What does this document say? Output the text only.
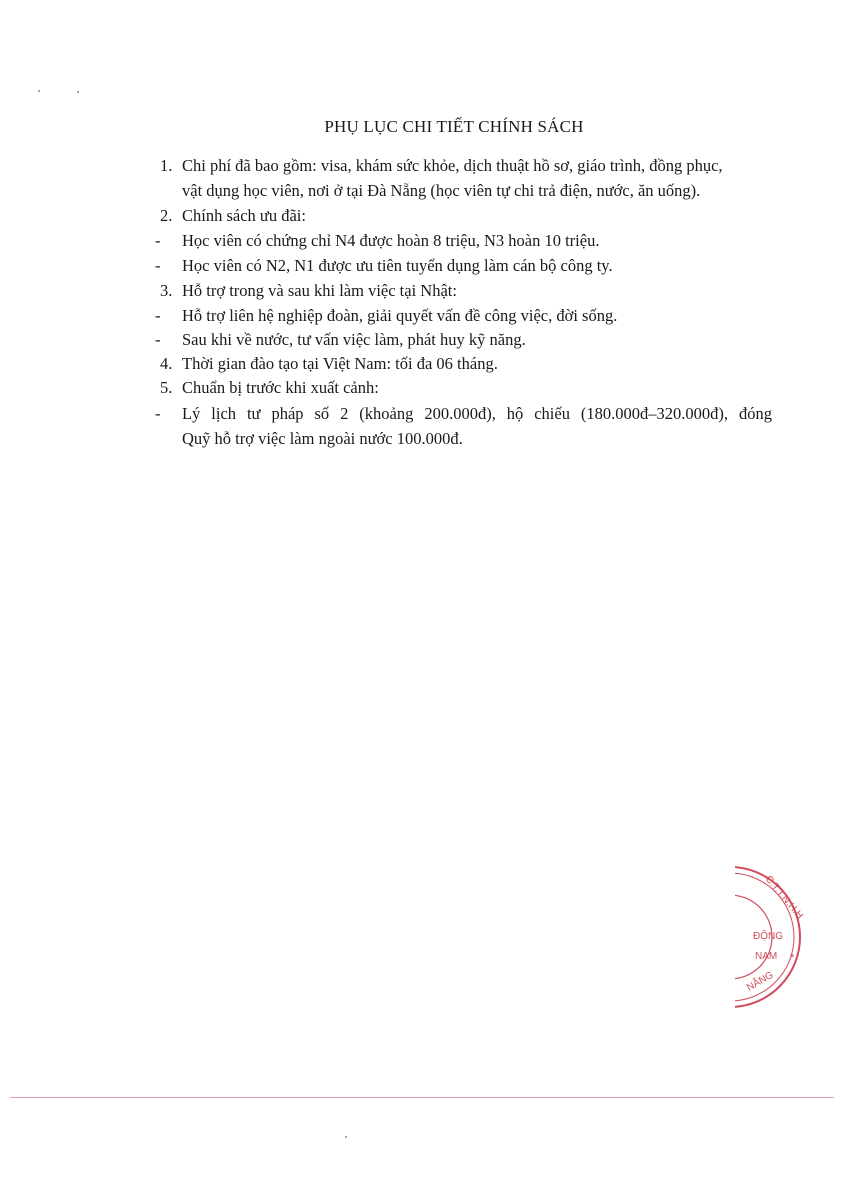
PHỤ LỤC CHI TIẾT CHÍNH SÁCH
1. Chi phí đã bao gồm: visa, khám sức khỏe, dịch thuật hồ sơ, giáo trình, đồng phục,
vật dụng học viên, nơi ở tại Đà Nẵng (học viên tự chi trả điện, nước, ăn uống).
2. Chính sách ưu đãi:
- Học viên có chứng chỉ N4 được hoàn 8 triệu, N3 hoàn 10 triệu.
- Học viên có N2, N1 được ưu tiên tuyển dụng làm cán bộ công ty.
3. Hỗ trợ trong và sau khi làm việc tại Nhật:
- Hỗ trợ liên hệ nghiệp đoàn, giải quyết vấn đề công việc, đời sống.
- Sau khi về nước, tư vấn việc làm, phát huy kỹ năng.
4. Thời gian đào tạo tại Việt Nam: tối đa 06 tháng.
5. Chuẩn bị trước khi xuất cảnh:
- Lý lịch tư pháp số 2 (khoảng 200.000đ), hộ chiếu (180.000đ–320.000đ), đóng
Quỹ hỗ trợ việc làm ngoài nước 100.000đ.
C.T.T.N.H.H
ĐỘNG
NAM *
NẴNG
